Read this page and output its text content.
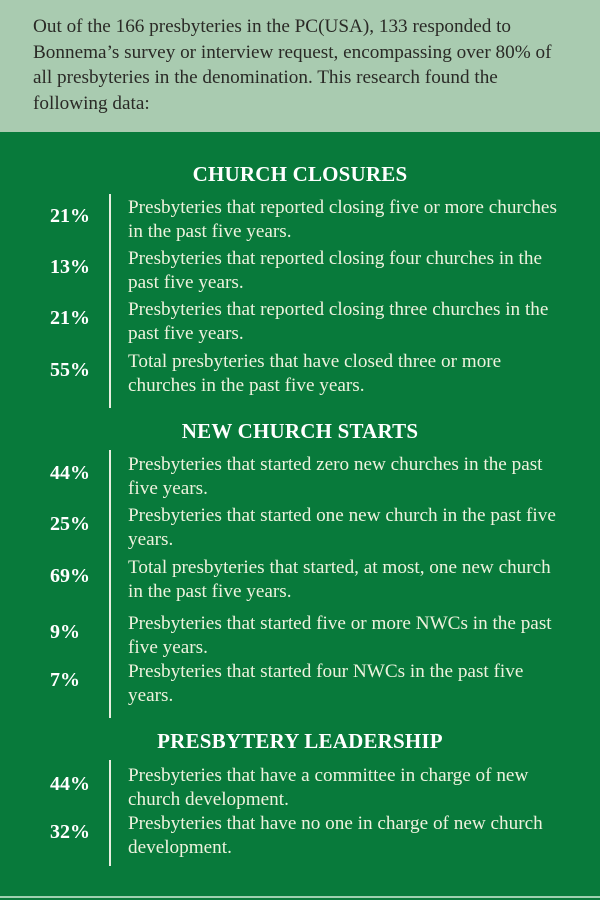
Out of the 166 presbyteries in the PC(USA), 133 responded to Bonnema’s survey or interview request, encompassing over 80% of all presbyteries in the denomination. This research found the following data:

CHURCH CLOSURES
21%	Presbyteries that reported closing five or more churches in the past five years.
13%	Presbyteries that reported closing four churches in the past five years.
21%	Presbyteries that reported closing three churches in the past five years.
55%	Total presbyteries that have closed three or more churches in the past five years.
NEW CHURCH STARTS
44%	Presbyteries that started zero new churches in the past five years.
25%	Presbyteries that started one new church in the past five years.
69%	Total presbyteries that started, at most, one new church in the past five years.
9%	Presbyteries that started five or more NWCs in the past five years.
7%	Presbyteries that started four NWCs in the past five years.
PRESBYTERY LEADERSHIP
44%	Presbyteries that have a committee in charge of new church development.
32%	Presbyteries that have no one in charge of new church development.
